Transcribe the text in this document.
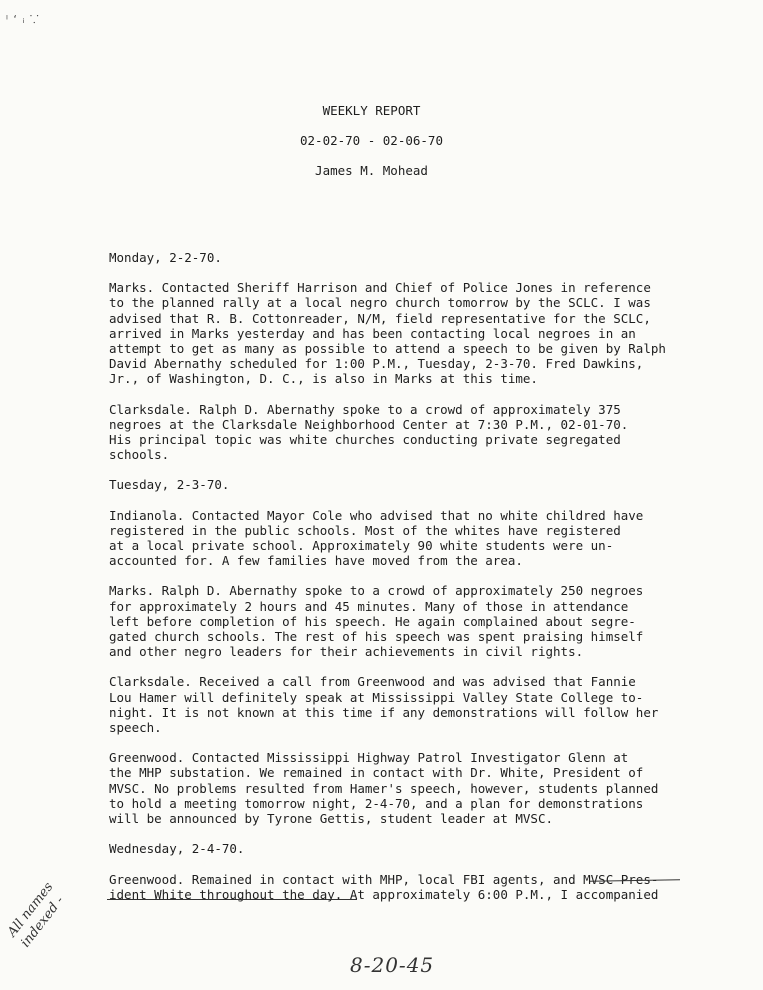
ˡ ‘ ᵢ ⸪
WEEKLY REPORT
02-02-70 - 02-06-70
James M. Mohead
Monday, 2-2-70.
Marks. Contacted Sheriff Harrison and Chief of Police Jones in reference
to the planned rally at a local negro church tomorrow by the SCLC. I was
advised that R. B. Cottonreader, N/M, field representative for the SCLC,
arrived in Marks yesterday and has been contacting local negroes in an
attempt to get as many as possible to attend a speech to be given by Ralph
David Abernathy scheduled for 1:00 P.M., Tuesday, 2-3-70. Fred Dawkins,
Jr., of Washington, D. C., is also in Marks at this time.
Clarksdale. Ralph D. Abernathy spoke to a crowd of approximately 375
negroes at the Clarksdale Neighborhood Center at 7:30 P.M., 02-01-70.
His principal topic was white churches conducting private segregated
schools.
Tuesday, 2-3-70.
Indianola. Contacted Mayor Cole who advised that no white childred have
registered in the public schools. Most of the whites have registered
at a local private school. Approximately 90 white students were un-
accounted for. A few families have moved from the area.
Marks. Ralph D. Abernathy spoke to a crowd of approximately 250 negroes
for approximately 2 hours and 45 minutes. Many of those in attendance
left before completion of his speech. He again complained about segre-
gated church schools. The rest of his speech was spent praising himself
and other negro leaders for their achievements in civil rights.
Clarksdale. Received a call from Greenwood and was advised that Fannie
Lou Hamer will definitely speak at Mississippi Valley State College to-
night. It is not known at this time if any demonstrations will follow her
speech.
Greenwood. Contacted Mississippi Highway Patrol Investigator Glenn at
the MHP substation. We remained in contact with Dr. White, President of
MVSC. No problems resulted from Hamer's speech, however, students planned
to hold a meeting tomorrow night, 2-4-70, and a plan for demonstrations
will be announced by Tyrone Gettis, student leader at MVSC.
Wednesday, 2-4-70.
Greenwood. Remained in contact with MHP, local FBI agents, and MVSC Pres-
ident White throughout the day. At approximately 6:00 P.M., I accompanied
All names indexed -
8-20-45
